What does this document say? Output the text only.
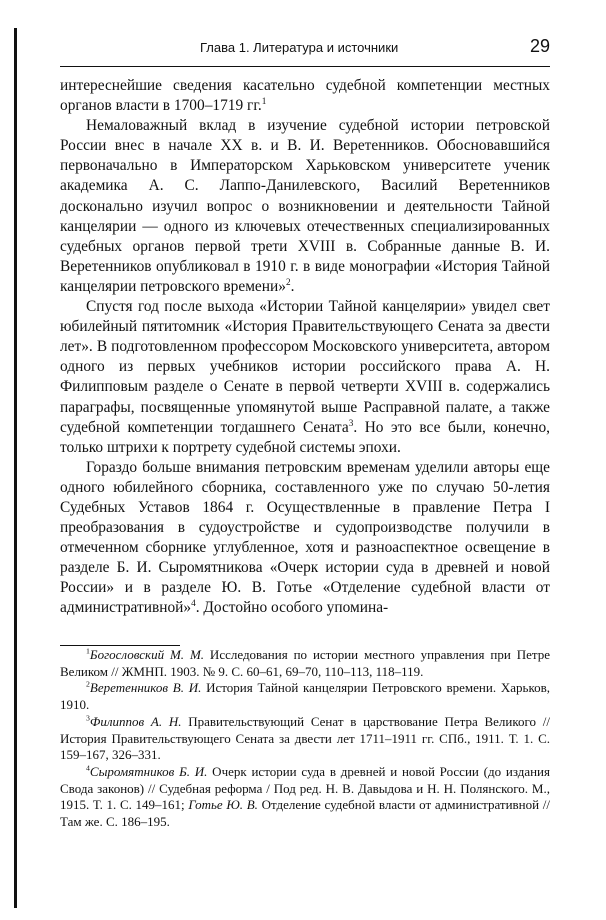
Глава 1. Литература и источники	29

интереснейшие сведения касательно судебной компетенции местных органов власти в 1700–1719 гг.$^1$

Немаловажный вклад в изучение судебной истории петровской России внес в начале XX в. и В. И. Веретенников. Обосновавшийся первоначально в Императорском Харьковском университете ученик академика А. С. Лаппо-Данилевского, Василий Веретенников досконально изучил вопрос о возникновении и деятельности Тайной канцелярии — одного из ключевых отечественных специализированных судебных органов первой трети XVIII в. Собранные данные В. И. Веретенников опубликовал в 1910 г. в виде монографии «История Тайной канцелярии петровского времени»$^2$.

Спустя год после выхода «Истории Тайной канцелярии» увидел свет юбилейный пятитомник «История Правительствующего Сената за двести лет». В подготовленном профессором Московского университета, автором одного из первых учебников истории российского права А. Н. Филипповым разделе о Сенате в первой четверти XVIII в. содержались параграфы, посвященные упомянутой выше Расправной палате, а также судебной компетенции тогдашнего Сената$^3$. Но это все были, конечно, только штрихи к портрету судебной системы эпохи.

Гораздо больше внимания петровским временам уделили авторы еще одного юбилейного сборника, составленного уже по случаю 50-летия Судебных Уставов 1864 г. Осуществленные в правление Петра I преобразования в судоустройстве и судопроизводстве получили в отмеченном сборнике углубленное, хотя и разноаспектное освещение в разделе Б. И. Сыромятникова «Очерк истории суда в древней и новой России» и в разделе Ю. В. Готье «Отделение судебной власти от административной»$^4$. Достойно особого упомина-

$^1$Богословский М. М. Исследования по истории местного управления при Петре Великом // ЖМНП. 1903. № 9. С. 60–61, 69–70, 110–113, 118–119.

$^2$Веретенников В. И. История Тайной канцелярии Петровского времени. Харьков, 1910.

$^3$Филиппов А. Н. Правительствующий Сенат в царствование Петра Великого // История Правительствующего Сената за двести лет 1711–1911 гг. СПб., 1911. Т. 1. С. 159–167, 326–331.

$^4$Сыромятников Б. И. Очерк истории суда в древней и новой России (до издания Свода законов) // Судебная реформа / Под ред. Н. В. Давыдова и Н. Н. Полянского. М., 1915. Т. 1. С. 149–161; Готье Ю. В. Отделение судебной власти от административной // Там же. С. 186–195.
